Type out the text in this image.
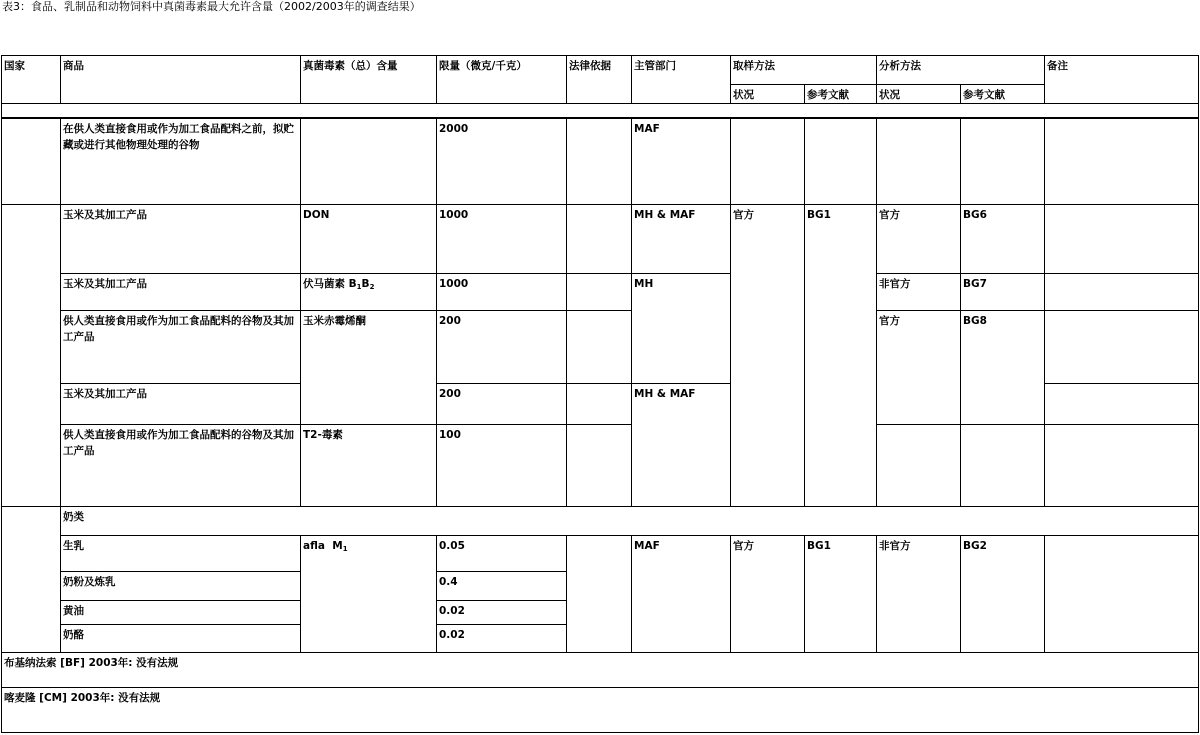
表3：食品、乳制品和动物饲料中真菌毒素最大允许含量（2002/2003年的调查结果）
国家	商品	真菌毒素（总）含量	限量（微克/千克）	法律依据	主管部门	取样方法		分析方法		备注
						状况	参考文献	状况	参考文献	

	在供人类直接食用或作为加工食品配料之前，拟贮藏或进行其他物理处理的谷物		2000		MAF					
	玉米及其加工产品	DON	1000		MH & MAF	官方	BG1	官方	BG6	
	玉米及其加工产品	伏马菌素 $B_1B_2$	1000		MH			非官方	BG7	
	供人类直接食用或作为加工食品配料的谷物及其加工产品	玉米赤霉烯酮	200					官方	BG8	
	玉米及其加工产品		200		MH & MAF					
	供人类直接食用或作为加工食品配料的谷物及其加工产品	T2-毒素	100							
	奶类									
	生乳	afla  $M_1$	0.05		MAF	官方	BG1	非官方	BG2	
	奶粉及炼乳		0.4							
	黄油		0.02							
	奶酪		0.02							
布基纳法索 [BF] 2003年: 没有法规										
喀麦隆 [CM] 2003年: 没有法规										
